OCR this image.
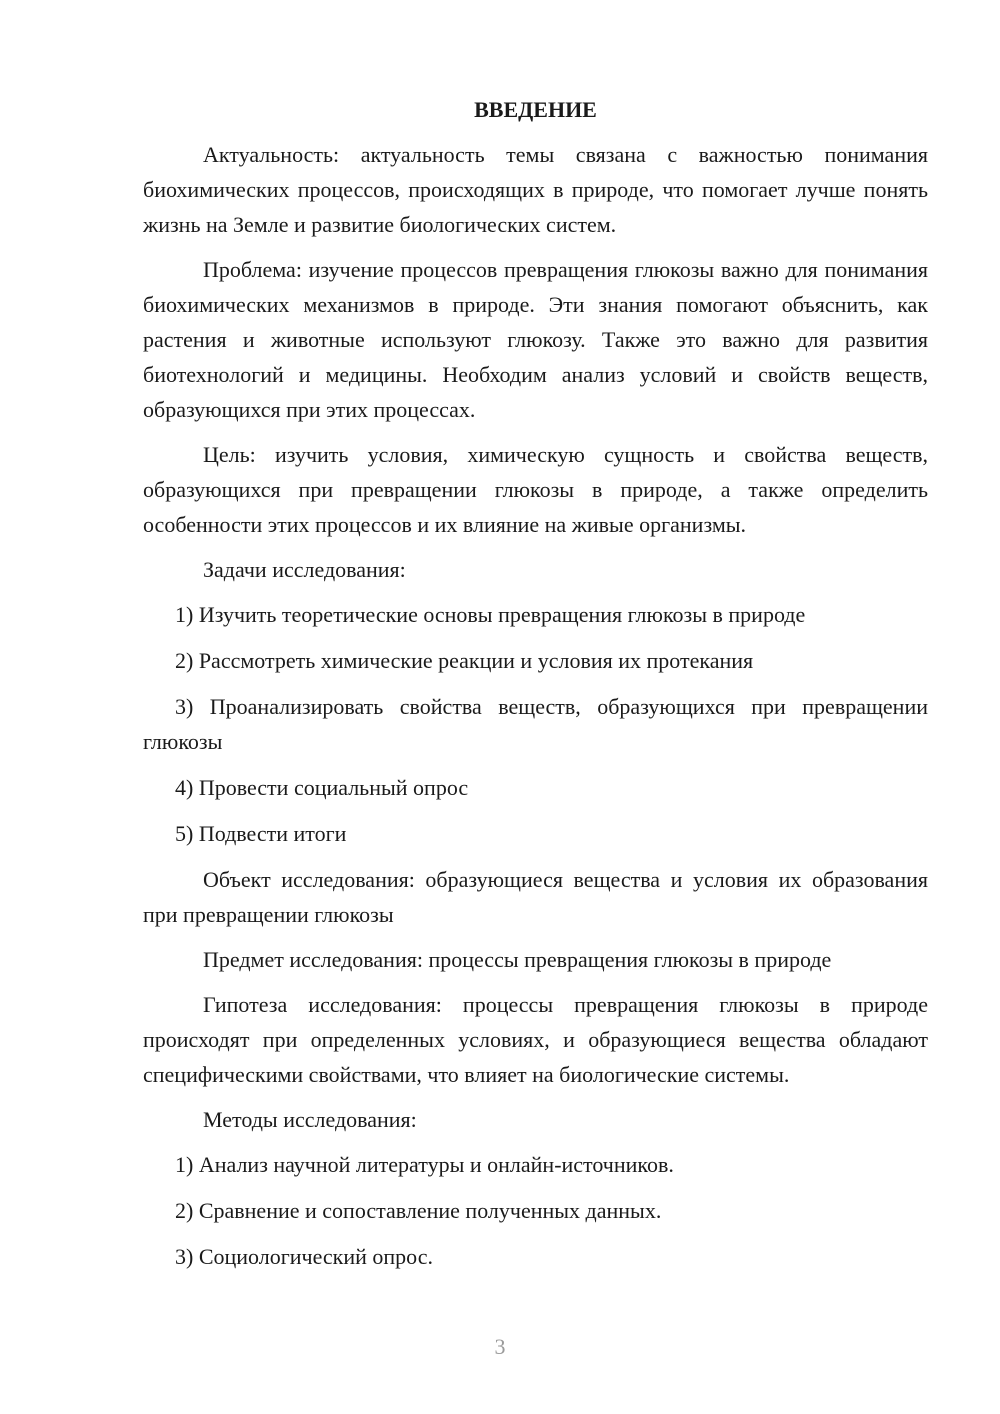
ВВЕДЕНИЕ

Актуальность: актуальность темы связана с важностью понимания биохимических процессов, происходящих в природе, что помогает лучше понять жизнь на Земле и развитие биологических систем.

Проблема: изучение процессов превращения глюкозы важно для понимания биохимических механизмов в природе. Эти знания помогают объяснить, как растения и животные используют глюкозу. Также это важно для развития биотехнологий и медицины. Необходим анализ условий и свойств веществ, образующихся при этих процессах.

Цель: изучить условия, химическую сущность и свойства веществ, образующихся при превращении глюкозы в природе, а также определить особенности этих процессов и их влияние на живые организмы.

Задачи исследования:

1) Изучить теоретические основы превращения глюкозы в природе

2) Рассмотреть химические реакции и условия их протекания

3) Проанализировать свойства веществ, образующихся при превращении глюкозы

4) Провести социальный опрос

5) Подвести итоги

Объект исследования: образующиеся вещества и условия их образования при превращении глюкозы

Предмет исследования: процессы превращения глюкозы в природе

Гипотеза исследования: процессы превращения глюкозы в природе происходят при определенных условиях, и образующиеся вещества обладают специфическими свойствами, что влияет на биологические системы.

Методы исследования:

1) Анализ научной литературы и онлайн-источников.

2) Сравнение и сопоставление полученных данных.

3) Социологический опрос.

3
